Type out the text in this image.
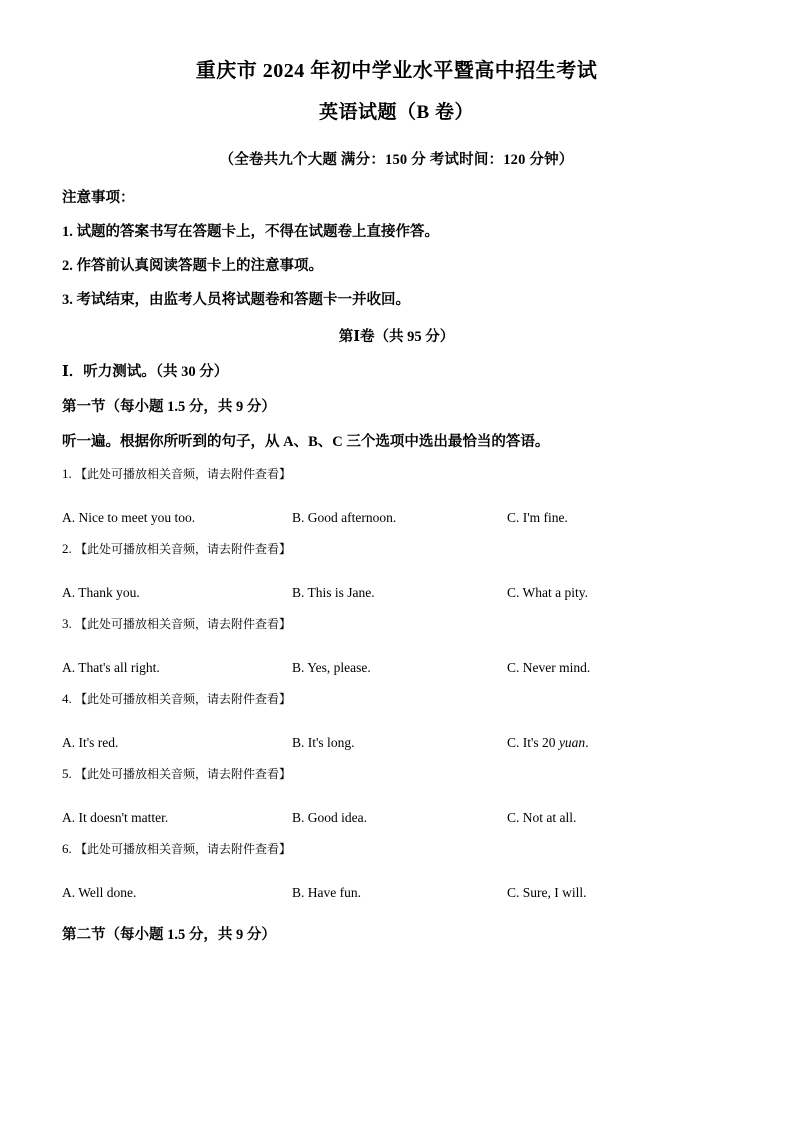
重庆市 2024 年初中学业水平暨高中招生考试
英语试题（B 卷）
（全卷共九个大题 满分：150 分 考试时间：120 分钟）
注意事项：
1. 试题的答案书写在答题卡上，不得在试题卷上直接作答。
2. 作答前认真阅读答题卡上的注意事项。
3. 考试结束，由监考人员将试题卷和答题卡一并收回。
第Ⅰ卷（共 95 分）
Ⅰ．听力测试。（共 30 分）
第一节（每小题 1.5 分，共 9 分）
听一遍。根据你所听到的句子，从 A、B、C 三个选项中选出最恰当的答语。
1. 【此处可播放相关音频，请去附件查看】
A. Nice to meet you too.	B. Good afternoon.	C. I'm fine.
2. 【此处可播放相关音频，请去附件查看】
A. Thank you.	B. This is Jane.	C. What a pity.
3. 【此处可播放相关音频，请去附件查看】
A. That's all right.	B. Yes, please.	C. Never mind.
4. 【此处可播放相关音频，请去附件查看】
A. It's red.	B. It's long.	C. It's 20 yuan.
5. 【此处可播放相关音频，请去附件查看】
A. It doesn't matter.	B. Good idea.	C. Not at all.
6. 【此处可播放相关音频，请去附件查看】
A. Well done.	B. Have fun.	C. Sure, I will.
第二节（每小题 1.5 分，共 9 分）
